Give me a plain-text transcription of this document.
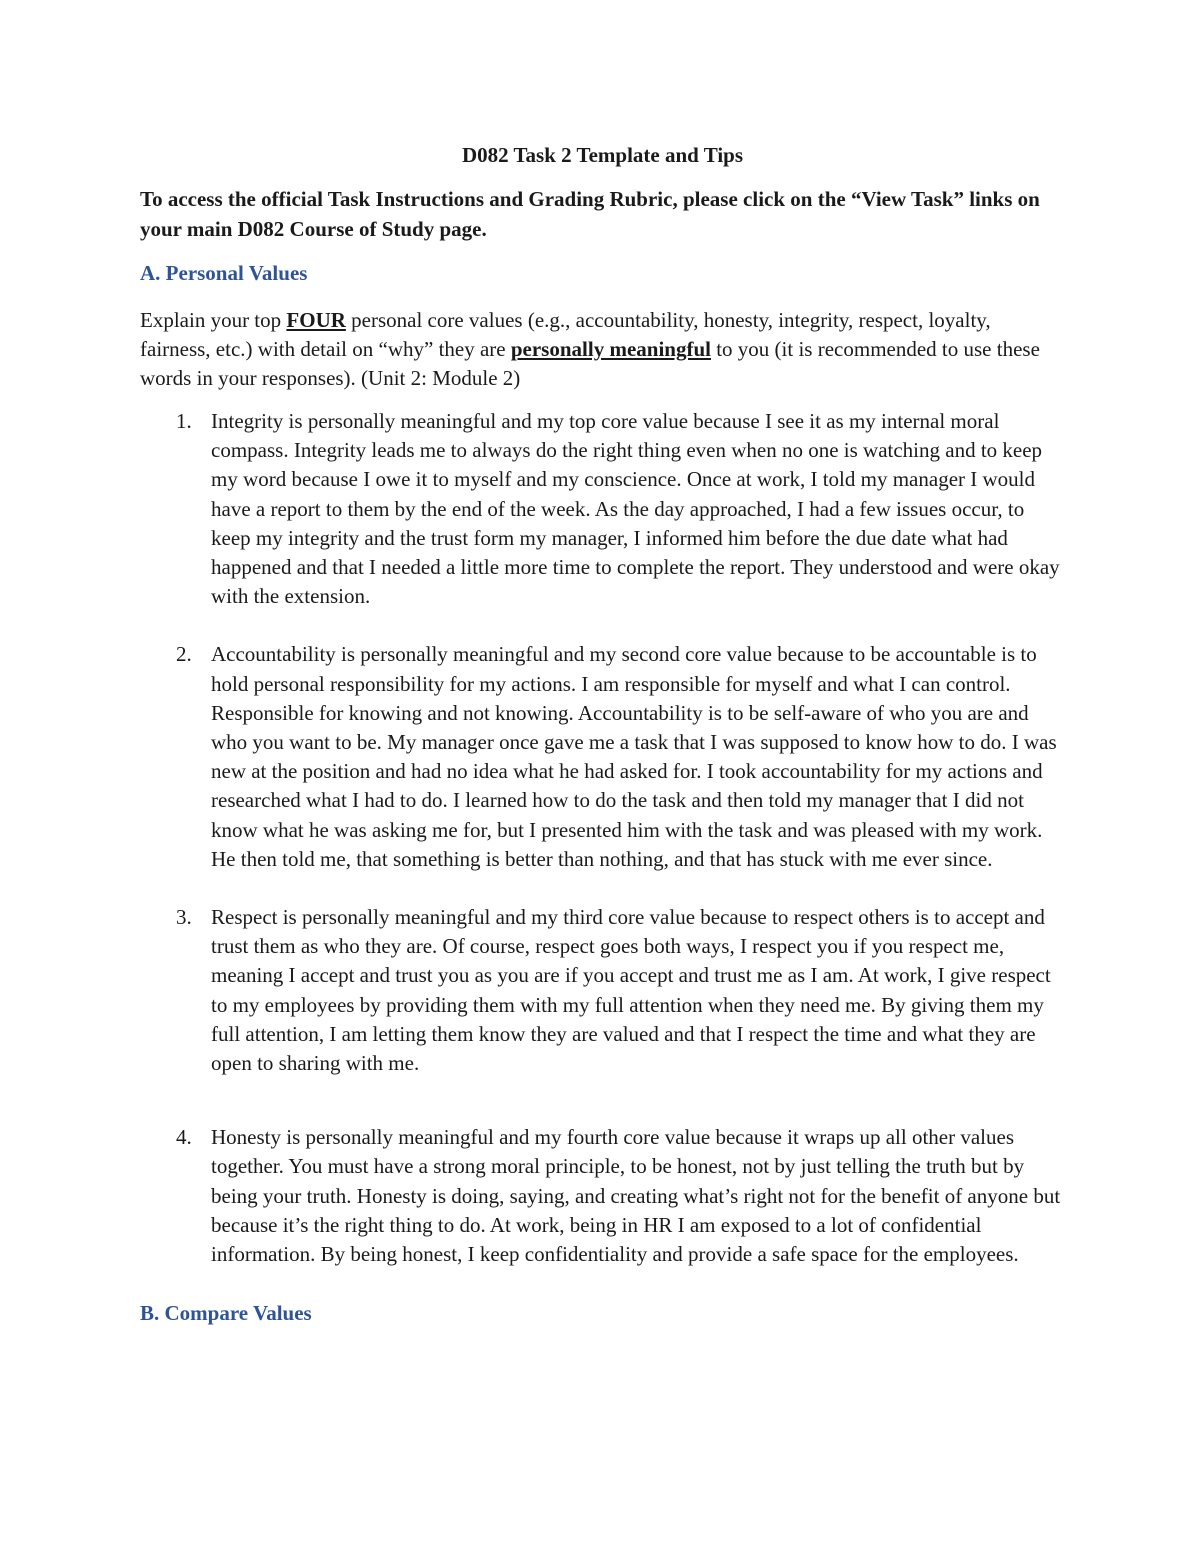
D082 Task 2 Template and Tips
To access the official Task Instructions and Grading Rubric, please click on the “View Task” links on your main D082 Course of Study page.
A. Personal Values
Explain your top FOUR personal core values (e.g., accountability, honesty, integrity, respect, loyalty, fairness, etc.) with detail on “why” they are personally meaningful to you (it is recommended to use these words in your responses). (Unit 2: Module 2)
1. Integrity is personally meaningful and my top core value because I see it as my internal moral compass. Integrity leads me to always do the right thing even when no one is watching and to keep my word because I owe it to myself and my conscience. Once at work, I told my manager I would have a report to them by the end of the week. As the day approached, I had a few issues occur, to keep my integrity and the trust form my manager, I informed him before the due date what had happened and that I needed a little more time to complete the report. They understood and were okay with the extension.
2. Accountability is personally meaningful and my second core value because to be accountable is to hold personal responsibility for my actions. I am responsible for myself and what I can control. Responsible for knowing and not knowing. Accountability is to be self-aware of who you are and who you want to be. My manager once gave me a task that I was supposed to know how to do. I was new at the position and had no idea what he had asked for. I took accountability for my actions and researched what I had to do. I learned how to do the task and then told my manager that I did not know what he was asking me for, but I presented him with the task and was pleased with my work. He then told me, that something is better than nothing, and that has stuck with me ever since.
3. Respect is personally meaningful and my third core value because to respect others is to accept and trust them as who they are. Of course, respect goes both ways, I respect you if you respect me, meaning I accept and trust you as you are if you accept and trust me as I am. At work, I give respect to my employees by providing them with my full attention when they need me. By giving them my full attention, I am letting them know they are valued and that I respect the time and what they are open to sharing with me.
4. Honesty is personally meaningful and my fourth core value because it wraps up all other values together. You must have a strong moral principle, to be honest, not by just telling the truth but by being your truth. Honesty is doing, saying, and creating what’s right not for the benefit of anyone but because it’s the right thing to do. At work, being in HR I am exposed to a lot of confidential information. By being honest, I keep confidentiality and provide a safe space for the employees.
B. Compare Values
